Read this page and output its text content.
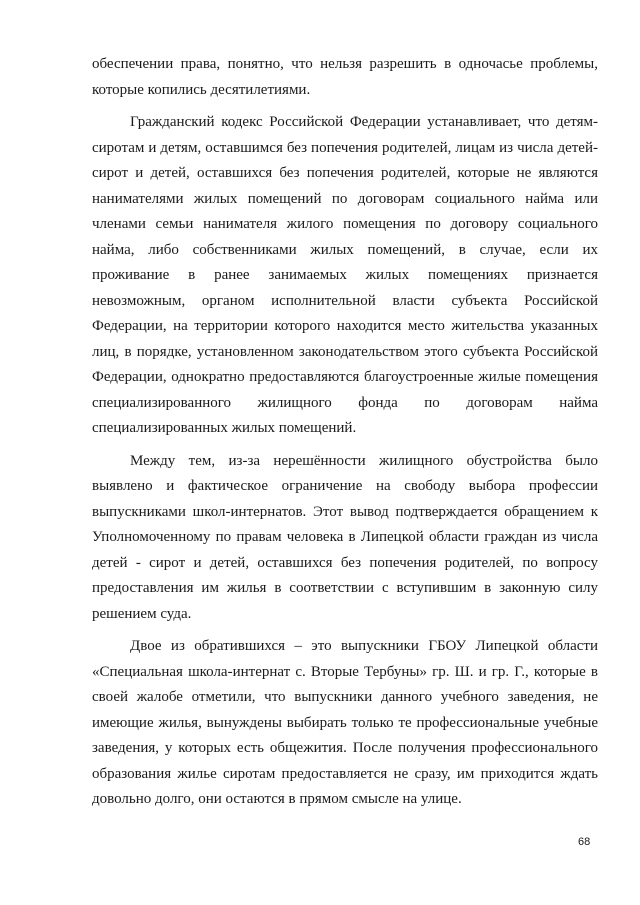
обеспечении права, понятно, что нельзя разрешить в одночасье проблемы, которые копились десятилетиями.

Гражданский кодекс Российской Федерации устанавливает, что детям-сиротам и детям, оставшимся без попечения родителей, лицам из числа детей-сирот и детей, оставшихся без попечения родителей, которые не являются нанимателями жилых помещений по договорам социального найма или членами семьи нанимателя жилого помещения по договору социального найма, либо собственниками жилых помещений, в случае, если их проживание в ранее занимаемых жилых помещениях признается невозможным, органом исполнительной власти субъекта Российской Федерации, на территории которого находится место жительства указанных лиц, в порядке, установленном законодательством этого субъекта Российской Федерации, однократно предоставляются благоустроенные жилые помещения специализированного жилищного фонда по договорам найма специализированных жилых помещений.

Между тем, из-за нерешённости жилищного обустройства было выявлено и фактическое ограничение на свободу выбора профессии выпускниками школ-интернатов. Этот вывод подтверждается обращением к Уполномоченному по правам человека в Липецкой области граждан из числа детей - сирот и детей, оставшихся без попечения родителей, по вопросу предоставления им жилья в соответствии с вступившим в законную силу решением суда.

Двое из обратившихся – это выпускники ГБОУ Липецкой области «Специальная школа-интернат с. Вторые Тербуны» гр. Ш. и гр. Г., которые в своей жалобе отметили, что выпускники данного учебного заведения, не имеющие жилья, вынуждены выбирать только те профессиональные учебные заведения, у которых есть общежития. После получения профессионального образования жилье сиротам предоставляется не сразу, им приходится ждать довольно долго, они остаются в прямом смысле на улице.

68
